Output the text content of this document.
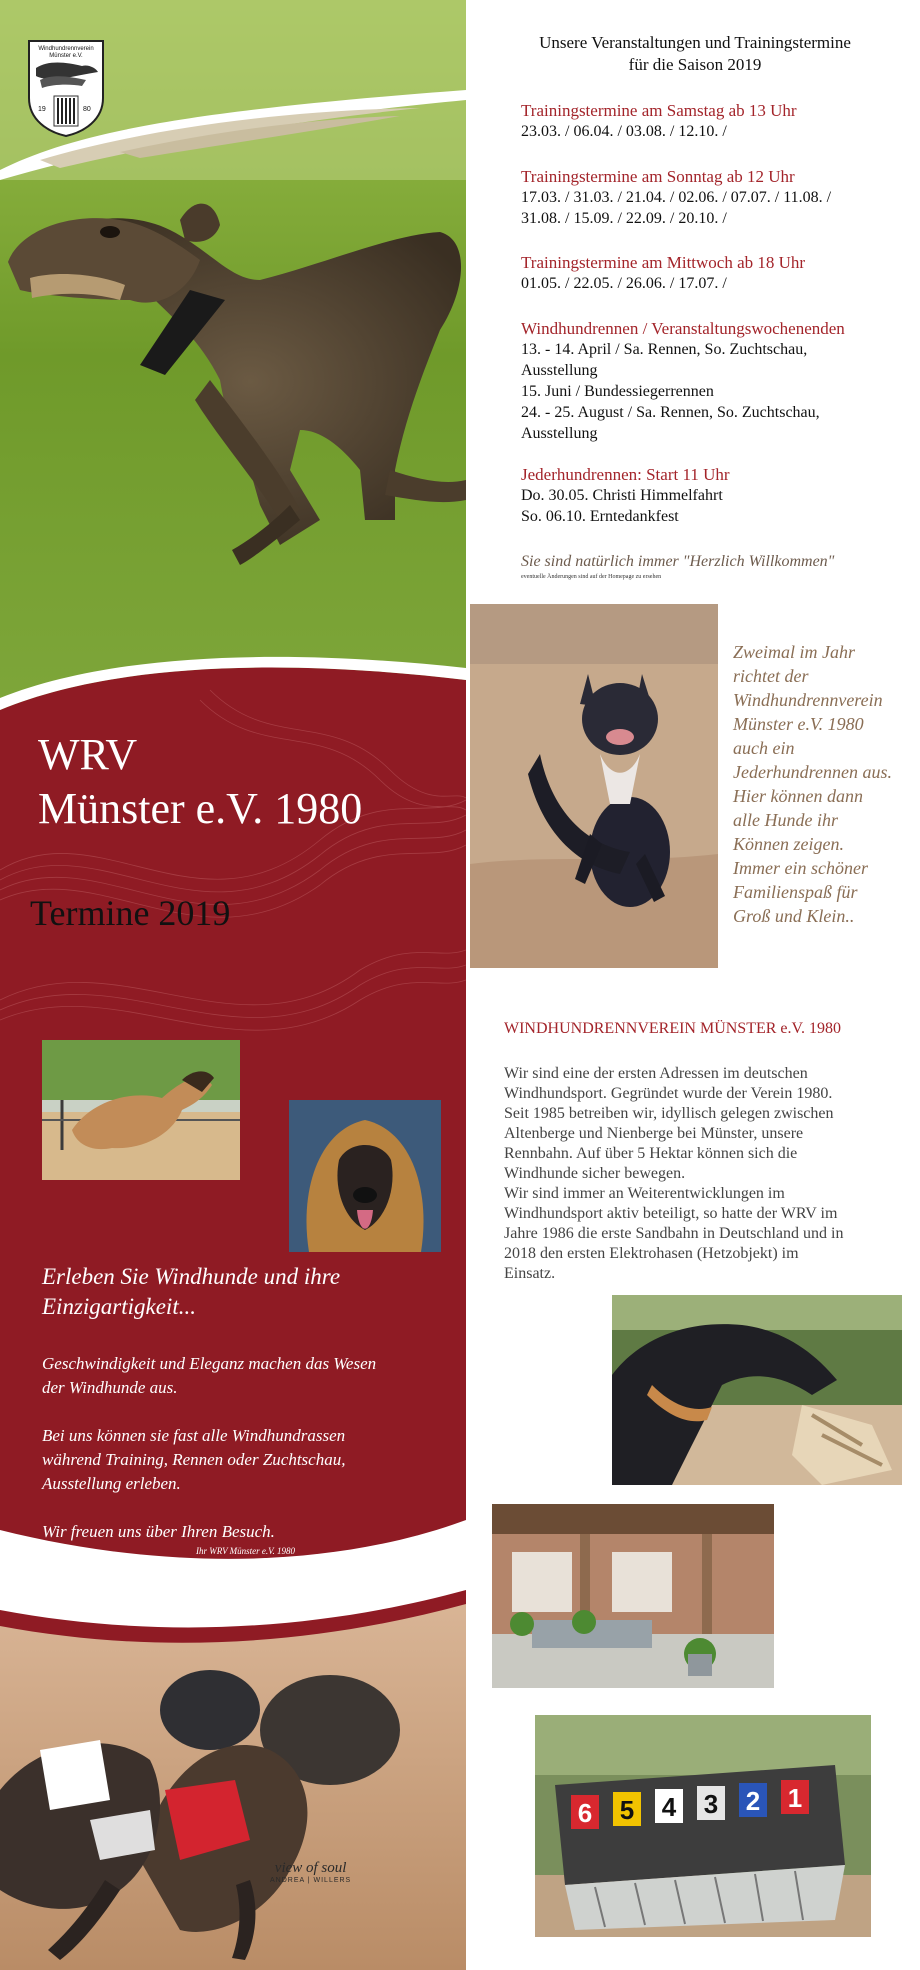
Windhundrennverein Münster e.V.
19	80
WRV
Münster e.V. 1980
Termine 2019
Erleben Sie Windhunde und ihre
Einzigartigkeit...
Geschwindigkeit und Eleganz machen das Wesen
der Windhunde aus.
Bei uns können sie fast alle Windhundrassen
während Training, Rennen oder Zuchtschau,
Ausstellung erleben.
Wir freuen uns über Ihren Besuch.
Ihr WRV Münster e.V. 1980
view of soul
ANDREA | WILLERS
Unsere Veranstaltungen und Trainingstermine
für die Saison 2019
Trainingstermine am Samstag ab 13 Uhr
23.03. / 06.04. / 03.08. / 12.10. /
Trainingstermine am Sonntag ab 12 Uhr
17.03. / 31.03. / 21.04. / 02.06. / 07.07. / 11.08. /
31.08. / 15.09. / 22.09. / 20.10. /
Trainingstermine am Mittwoch ab 18 Uhr
01.05. / 22.05. / 26.06. / 17.07. /
Windhundrennen / Veranstaltungswochenenden
13. - 14. April / Sa. Rennen, So. Zuchtschau,
Ausstellung
15. Juni / Bundessiegerrennen
24. - 25. August / Sa. Rennen, So. Zuchtschau,
Ausstellung
Jederhundrennen: Start 11 Uhr
Do. 30.05. Christi Himmelfahrt
So. 06.10. Erntedankfest
Sie sind natürlich immer "Herzlich Willkommen"
eventuelle Änderungen sind auf der Homepage zu ersehen
Zweimal im Jahr
richtet der
Windhundrennverein
Münster e.V. 1980
auch ein
Jederhundrennen aus.
Hier können dann
alle Hunde ihr
Können zeigen.
Immer ein schöner
Familienspaß für
Groß und Klein..
WINDHUNDRENNVEREIN MÜNSTER e.V. 1980
Wir sind eine der ersten Adressen im deutschen
Windhundsport. Gegründet wurde der Verein 1980.
Seit 1985 betreiben wir, idyllisch gelegen zwischen
Altenberge und Nienberge bei Münster, unsere
Rennbahn. Auf über 5 Hektar können sich die
Windhunde sicher bewegen.
Wir sind immer an Weiterentwicklungen im
Windhundsport aktiv beteiligt, so hatte der WRV im
Jahre 1986 die erste Sandbahn in Deutschland und in
2018 den ersten Elektrohasen (Hetzobjekt) im
Einsatz.
6 5 4 3 2 1
